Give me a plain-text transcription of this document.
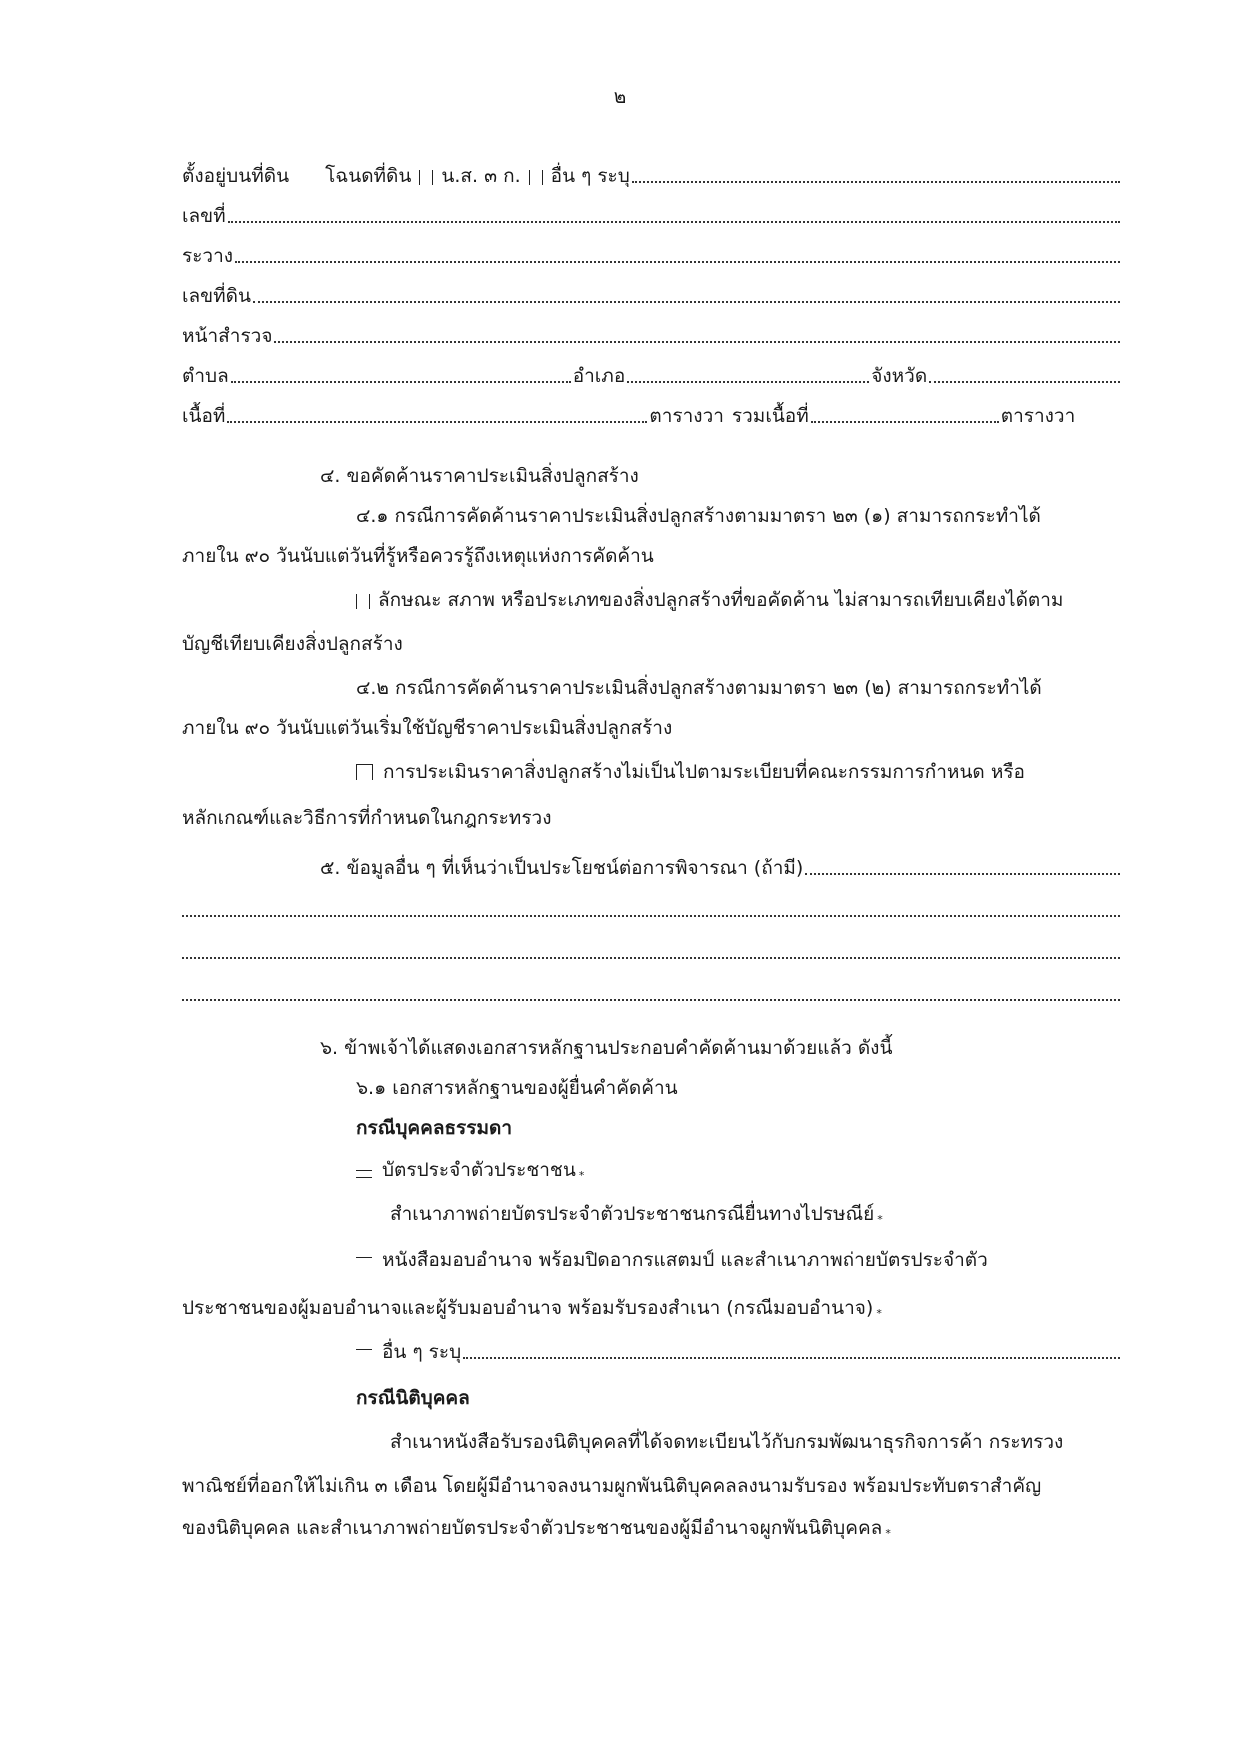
๒
ตั้งอยู่บนที่ดิน โฉนดที่ดิน น.ส. ๓ ก. อื่น ๆ ระบุ
เลขที่
ระวาง
เลขที่ดิน
หน้าสำรวจ
ตำบล	อำเภอ	จังหวัด
เนื้อที่	ตารางวา รวมเนื้อที่	ตารางวา
๔. ขอคัดค้านราคาประเมินสิ่งปลูกสร้าง
๔.๑ กรณีการคัดค้านราคาประเมินสิ่งปลูกสร้างตามมาตรา ๒๓ (๑) สามารถกระทำได้
ภายใน ๙๐ วันนับแต่วันที่รู้หรือควรรู้ถึงเหตุแห่งการคัดค้าน
ลักษณะ สภาพ หรือประเภทของสิ่งปลูกสร้างที่ขอคัดค้าน ไม่สามารถเทียบเคียงได้ตาม
บัญชีเทียบเคียงสิ่งปลูกสร้าง
๔.๒ กรณีการคัดค้านราคาประเมินสิ่งปลูกสร้างตามมาตรา ๒๓ (๒) สามารถกระทำได้
ภายใน ๙๐ วันนับแต่วันเริ่มใช้บัญชีราคาประเมินสิ่งปลูกสร้าง
การประเมินราคาสิ่งปลูกสร้างไม่เป็นไปตามระเบียบที่คณะกรรมการกำหนด หรือ
หลักเกณฑ์และวิธีการที่กำหนดในกฎกระทรวง
๕. ข้อมูลอื่น ๆ ที่เห็นว่าเป็นประโยชน์ต่อการพิจารณา (ถ้ามี)
๖. ข้าพเจ้าได้แสดงเอกสารหลักฐานประกอบคำคัดค้านมาด้วยแล้ว ดังนี้
๖.๑ เอกสารหลักฐานของผู้ยื่นคำคัดค้าน
กรณีบุคคลธรรมดา
บัตรประจำตัวประชาชน $_*$
สำเนาภาพถ่ายบัตรประจำตัวประชาชนกรณียื่นทางไปรษณีย์ $_*$
หนังสือมอบอำนาจ พร้อมปิดอากรแสตมป์ และสำเนาภาพถ่ายบัตรประจำตัว
ประชาชนของผู้มอบอำนาจและผู้รับมอบอำนาจ พร้อมรับรองสำเนา (กรณีมอบอำนาจ) $_*$
อื่น ๆ ระบุ
กรณีนิติบุคคล
สำเนาหนังสือรับรองนิติบุคคลที่ได้จดทะเบียนไว้กับกรมพัฒนาธุรกิจการค้า กระทรวง
พาณิชย์ที่ออกให้ไม่เกิน ๓ เดือน โดยผู้มีอำนาจลงนามผูกพันนิติบุคคลลงนามรับรอง พร้อมประทับตราสำคัญ
ของนิติบุคคล และสำเนาภาพถ่ายบัตรประจำตัวประชาชนของผู้มีอำนาจผูกพันนิติบุคคล $_*$
